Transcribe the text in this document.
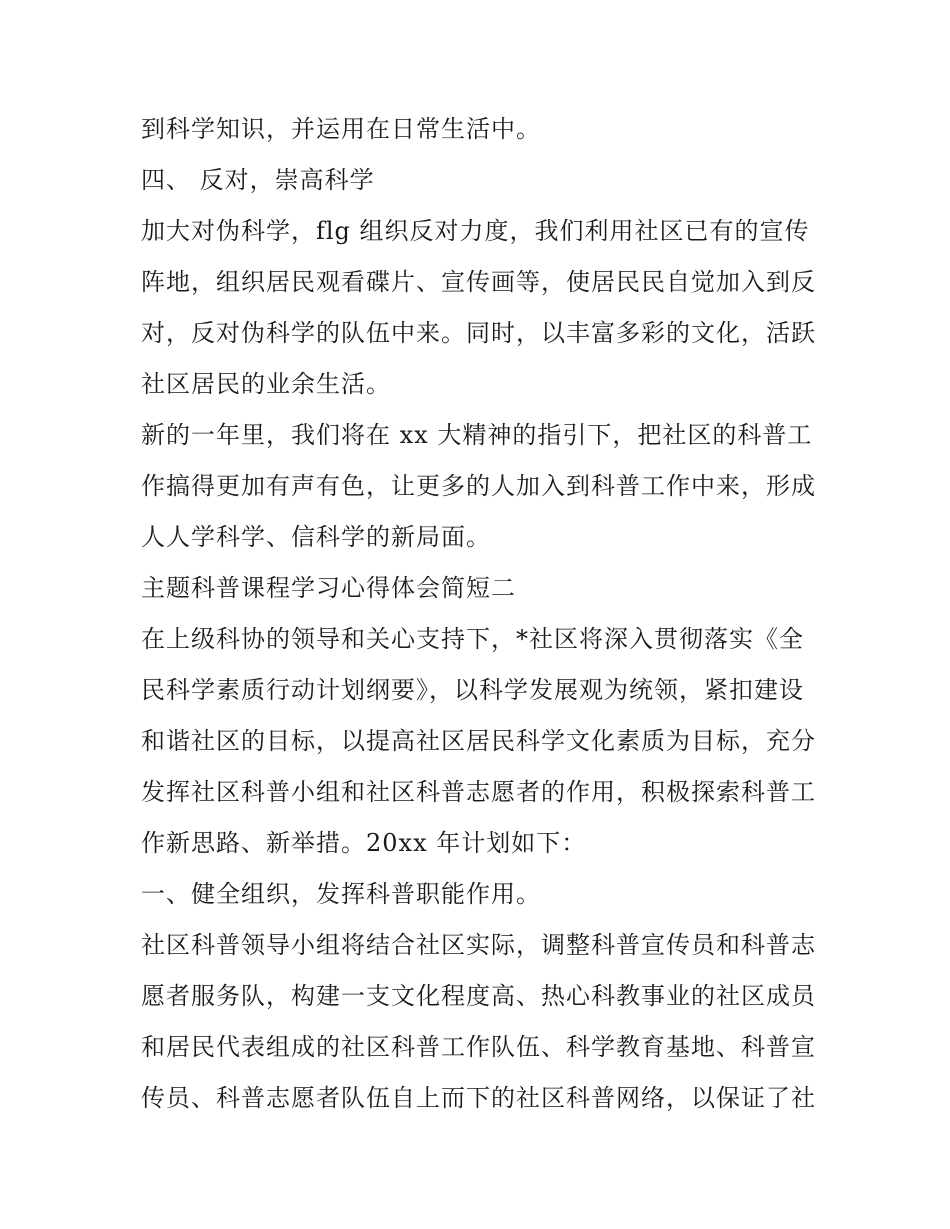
到科学知识，并运用在日常生活中。
四、 反对，崇高科学
加大对伪科学，flg 组织反对力度，我们利用社区已有的宣传
阵地，组织居民观看碟片、宣传画等，使居民民自觉加入到反
对，反对伪科学的队伍中来。同时，以丰富多彩的文化，活跃
社区居民的业余生活。
新的一年里，我们将在 xx 大精神的指引下，把社区的科普工
作搞得更加有声有色，让更多的人加入到科普工作中来，形成
人人学科学、信科学的新局面。
主题科普课程学习心得体会简短二
在上级科协的领导和关心支持下，*社区将深入贯彻落实《全
民科学素质行动计划纲要》，以科学发展观为统领，紧扣建设
和谐社区的目标，以提高社区居民科学文化素质为目标，充分
发挥社区科普小组和社区科普志愿者的作用，积极探索科普工
作新思路、新举措。20xx 年计划如下：
一、健全组织，发挥科普职能作用。
社区科普领导小组将结合社区实际，调整科普宣传员和科普志
愿者服务队，构建一支文化程度高、热心科教事业的社区成员
和居民代表组成的社区科普工作队伍、科学教育基地、科普宣
传员、科普志愿者队伍自上而下的社区科普网络，以保证了社
